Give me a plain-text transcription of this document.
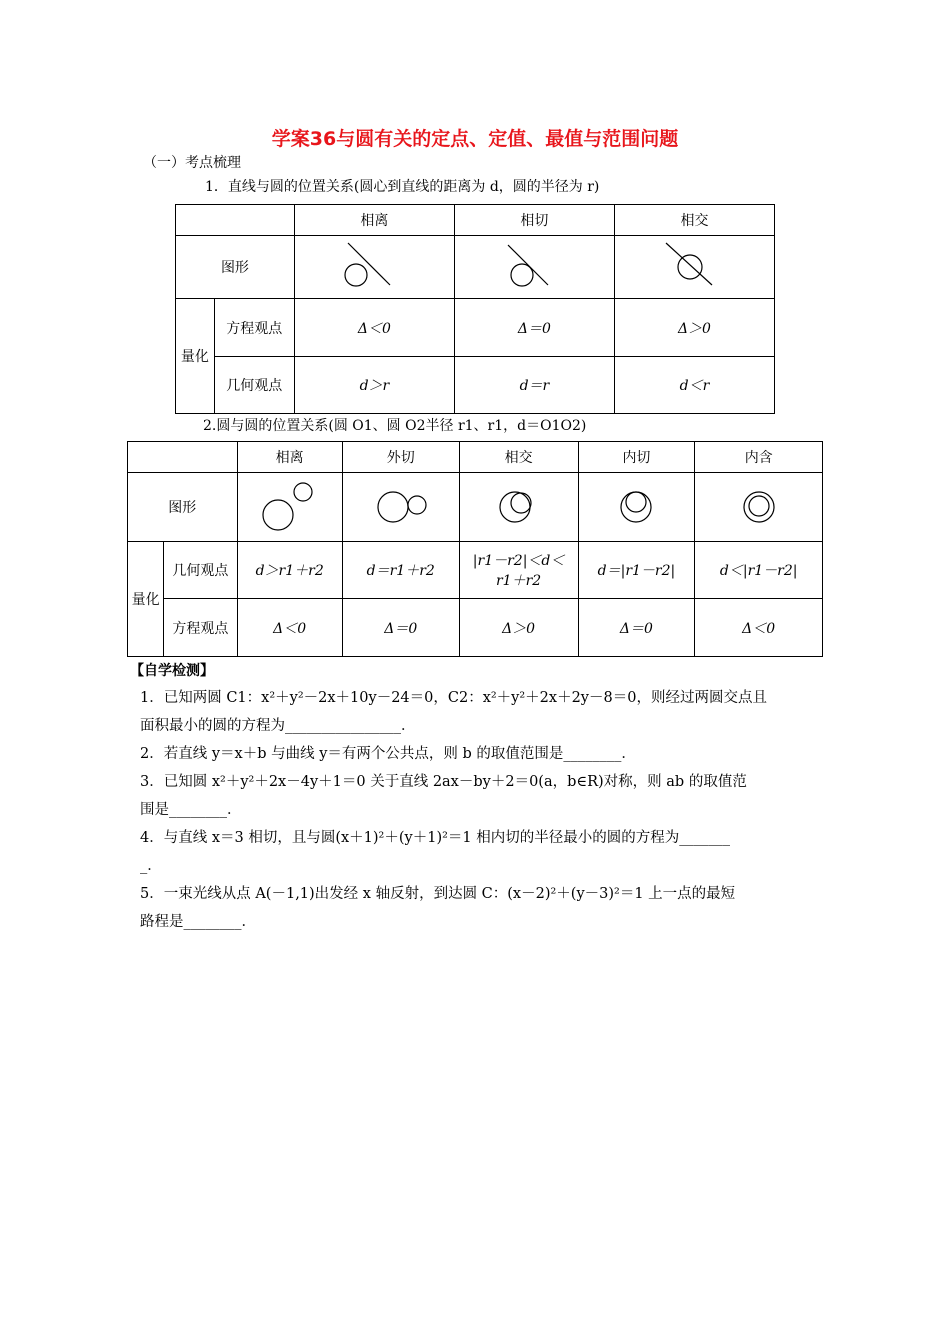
学案36与圆有关的定点、定值、最值与范围问题
（一）考点梳理
1．直线与圆的位置关系(圆心到直线的距离为 d，圆的半径为 r)
		相离	相切	相交
图形	

量化	方程观点	Δ＜0	Δ＝0	Δ＞0
	几何观点	d＞r	d＝r	d＜r
2.圆与圆的位置关系(圆 O1、圆 O2半径 r1、r1，d＝O1O2)
		相离	外切	相交	内切	内含
图形	

量化	几何观点	d＞r1＋r2	d＝r1＋r2	|r1－r2|＜d＜r1＋r2	d＝|r1－r2|	d＜|r1－r2|
	方程观点	Δ＜0	Δ＝0	Δ＞0	Δ＝0	Δ＜0
【自学检测】
1．已知两圆 C1：x²＋y²－2x＋10y－24＝0，C2：x²＋y²＋2x＋2y－8＝0，则经过两圆交点且
面积最小的圆的方程为________________．
2．若直线 y＝x＋b 与曲线 y＝有两个公共点，则 b 的取值范围是________．
3．已知圆 x²＋y²＋2x－4y＋1＝0 关于直线 2ax－by＋2＝0(a，b∈R)对称，则 ab 的取值范
围是________．
4．与直线 x＝3 相切，且与圆(x＋1)²＋(y＋1)²＝1 相内切的半径最小的圆的方程为_______
_．
5．一束光线从点 A(－1,1)出发经 x 轴反射，到达圆 C：(x－2)²＋(y－3)²＝1 上一点的最短
路程是________．
